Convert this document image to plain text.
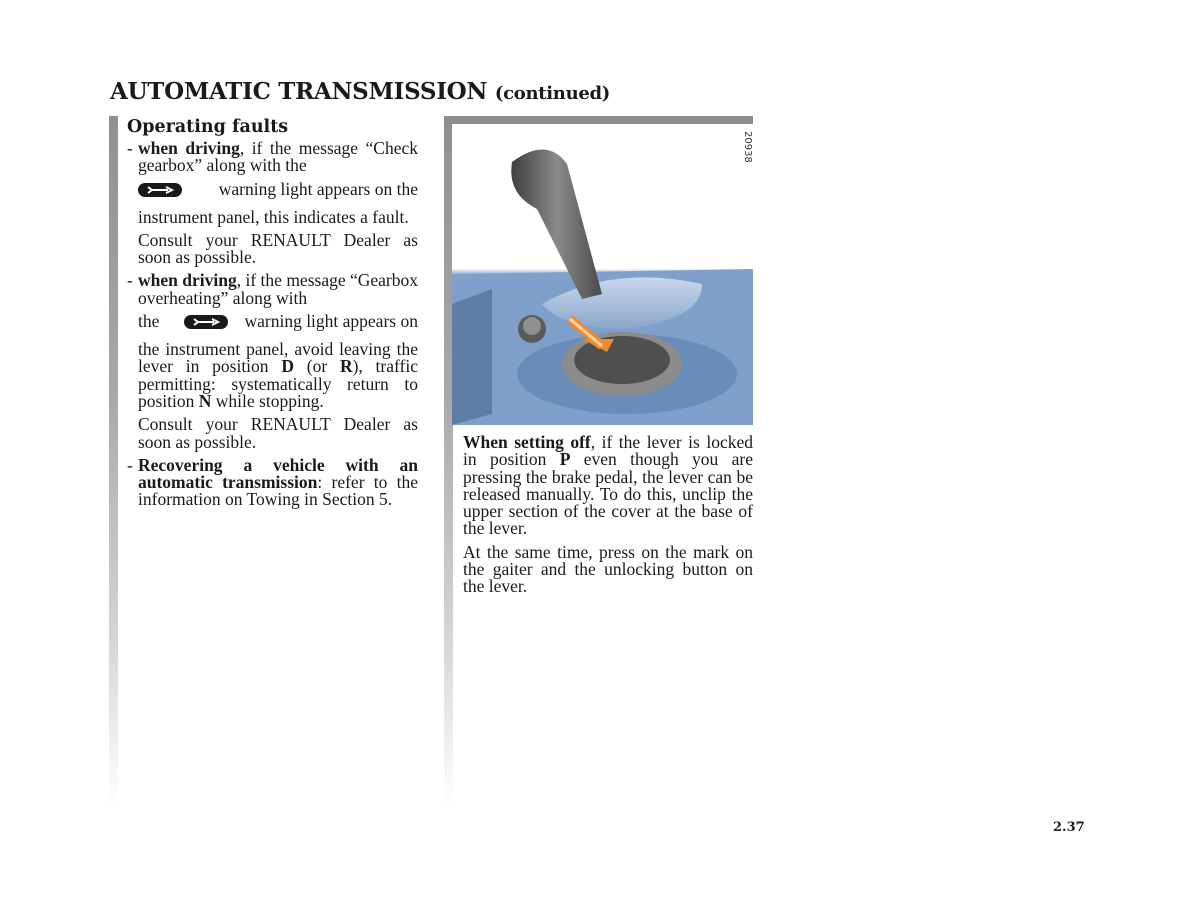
AUTOMATIC TRANSMISSION (continued)

Operating faults

- when driving, if the message “Check gearbox” along with the

warning light appears on the

instrument panel, this indicates a fault.

Consult your RENAULT Dealer as soon as possible.

- when driving, if the message “Gearbox overheating” along with

the	warning light appears on

the instrument panel, avoid leaving the lever in position D (or R), traffic permitting: systematically return to position N while stopping.

Consult your RENAULT Dealer as soon as possible.

- Recovering a vehicle with an automatic transmission: refer to the information on Towing in Section 5.

20938

When setting off, if the lever is locked in position P even though you are pressing the brake pedal, the lever can be released manually. To do this, unclip the upper section of the cover at the base of the lever.

At the same time, press on the mark on the gaiter and the unlocking button on the lever.

2.37
